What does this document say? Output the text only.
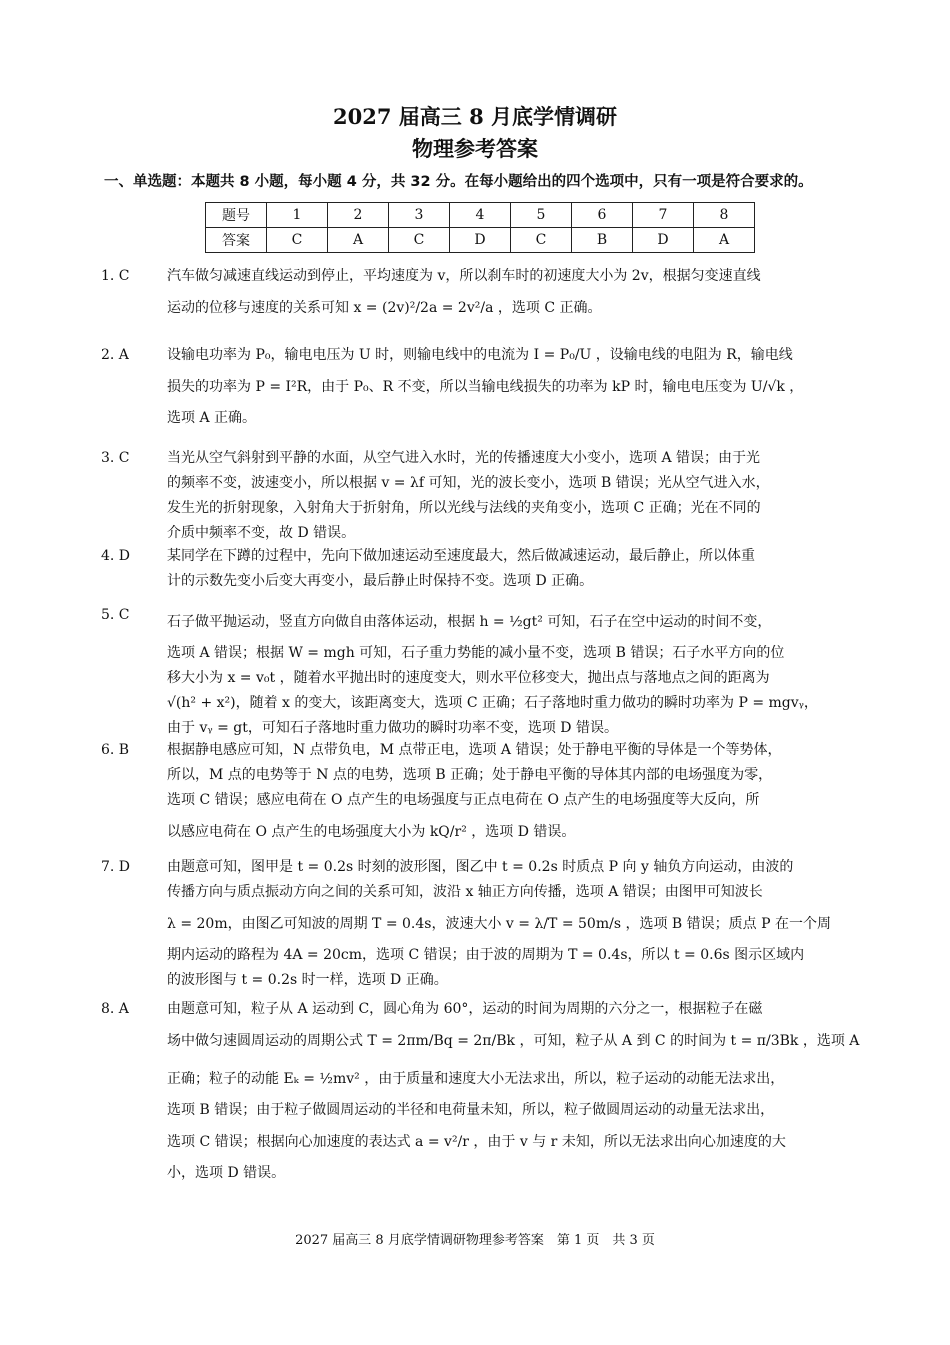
2027 届高三 8 月底学情调研
物理参考答案
一、单选题：本题共 8 小题，每小题 4 分，共 32 分。在每小题给出的四个选项中，只有一项是符合要求的。
题号	1	2	3	4	5	6	7	8
答案	C	A	C	D	C	B	D	A
1. C	汽车做匀减速直线运动到停止，平均速度为 v，所以刹车时的初速度大小为 2v，根据匀变速直线

运动的位移与速度的关系可知 x = (2v)²/2a = 2v²/a ，选项 C 正确。

2. A	设输电功率为 P₀，输电电压为 U 时，则输电线中的电流为 I = P₀/U ，设输电线的电阻为 R，输电线

损失的功率为 P = I²R，由于 P₀、R 不变，所以当输电线损失的功率为 kP 时，输电电压变为 U/√k ，

选项 A 正确。

3. C	当光从空气斜射到平静的水面，从空气进入水时，光的传播速度大小变小，选项 A 错误；由于光

的频率不变，波速变小，所以根据 v = λf 可知，光的波长变小，选项 B 错误；光从空气进入水，

发生光的折射现象，入射角大于折射角，所以光线与法线的夹角变小，选项 C 正确；光在不同的

介质中频率不变，故 D 错误。

4. D	某同学在下蹲的过程中，先向下做加速运动至速度最大，然后做减速运动，最后静止，所以体重

计的示数先变小后变大再变小，最后静止时保持不变。选项 D 正确。

5. C	石子做平抛运动，竖直方向做自由落体运动，根据 h = ½gt² 可知，石子在空中运动的时间不变，

选项 A 错误；根据 W = mgh 可知，石子重力势能的减小量不变，选项 B 错误；石子水平方向的位

移大小为 x = v₀t ，随着水平抛出时的速度变大，则水平位移变大，抛出点与落地点之间的距离为

√(h² + x²)，随着 x 的变大，该距离变大，选项 C 正确；石子落地时重力做功的瞬时功率为 P = mgvᵧ，

由于 vᵧ = gt，可知石子落地时重力做功的瞬时功率不变，选项 D 错误。

6. B	根据静电感应可知，N 点带负电，M 点带正电，选项 A 错误；处于静电平衡的导体是一个等势体，

所以，M 点的电势等于 N 点的电势，选项 B 正确；处于静电平衡的导体其内部的电场强度为零，

选项 C 错误；感应电荷在 O 点产生的电场强度与正点电荷在 O 点产生的电场强度等大反向，所

以感应电荷在 O 点产生的电场强度大小为 kQ/r² ，选项 D 错误。

7. D	由题意可知，图甲是 t = 0.2s 时刻的波形图，图乙中 t = 0.2s 时质点 P 向 y 轴负方向运动，由波的

传播方向与质点振动方向之间的关系可知，波沿 x 轴正方向传播，选项 A 错误；由图甲可知波长

λ = 20m，由图乙可知波的周期 T = 0.4s，波速大小 v = λ/T = 50m/s ，选项 B 错误；质点 P 在一个周

期内运动的路程为 4A = 20cm，选项 C 错误；由于波的周期为 T = 0.4s，所以 t = 0.6s 图示区域内

的波形图与 t = 0.2s 时一样，选项 D 正确。

8. A	由题意可知，粒子从 A 运动到 C，圆心角为 60°，运动的时间为周期的六分之一，根据粒子在磁

场中做匀速圆周运动的周期公式 T = 2πm/Bq = 2π/Bk ，可知，粒子从 A 到 C 的时间为 t = π/3Bk ，选项 A

正确；粒子的动能 Eₖ = ½mv² ，由于质量和速度大小无法求出，所以，粒子运动的动能无法求出，

选项 B 错误；由于粒子做圆周运动的半径和电荷量未知，所以，粒子做圆周运动的动量无法求出，

选项 C 错误；根据向心加速度的表达式 a = v²/r ，由于 v 与 r 未知，所以无法求出向心加速度的大

小，选项 D 错误。

2027 届高三 8 月底学情调研物理参考答案　第 1 页　共 3 页
